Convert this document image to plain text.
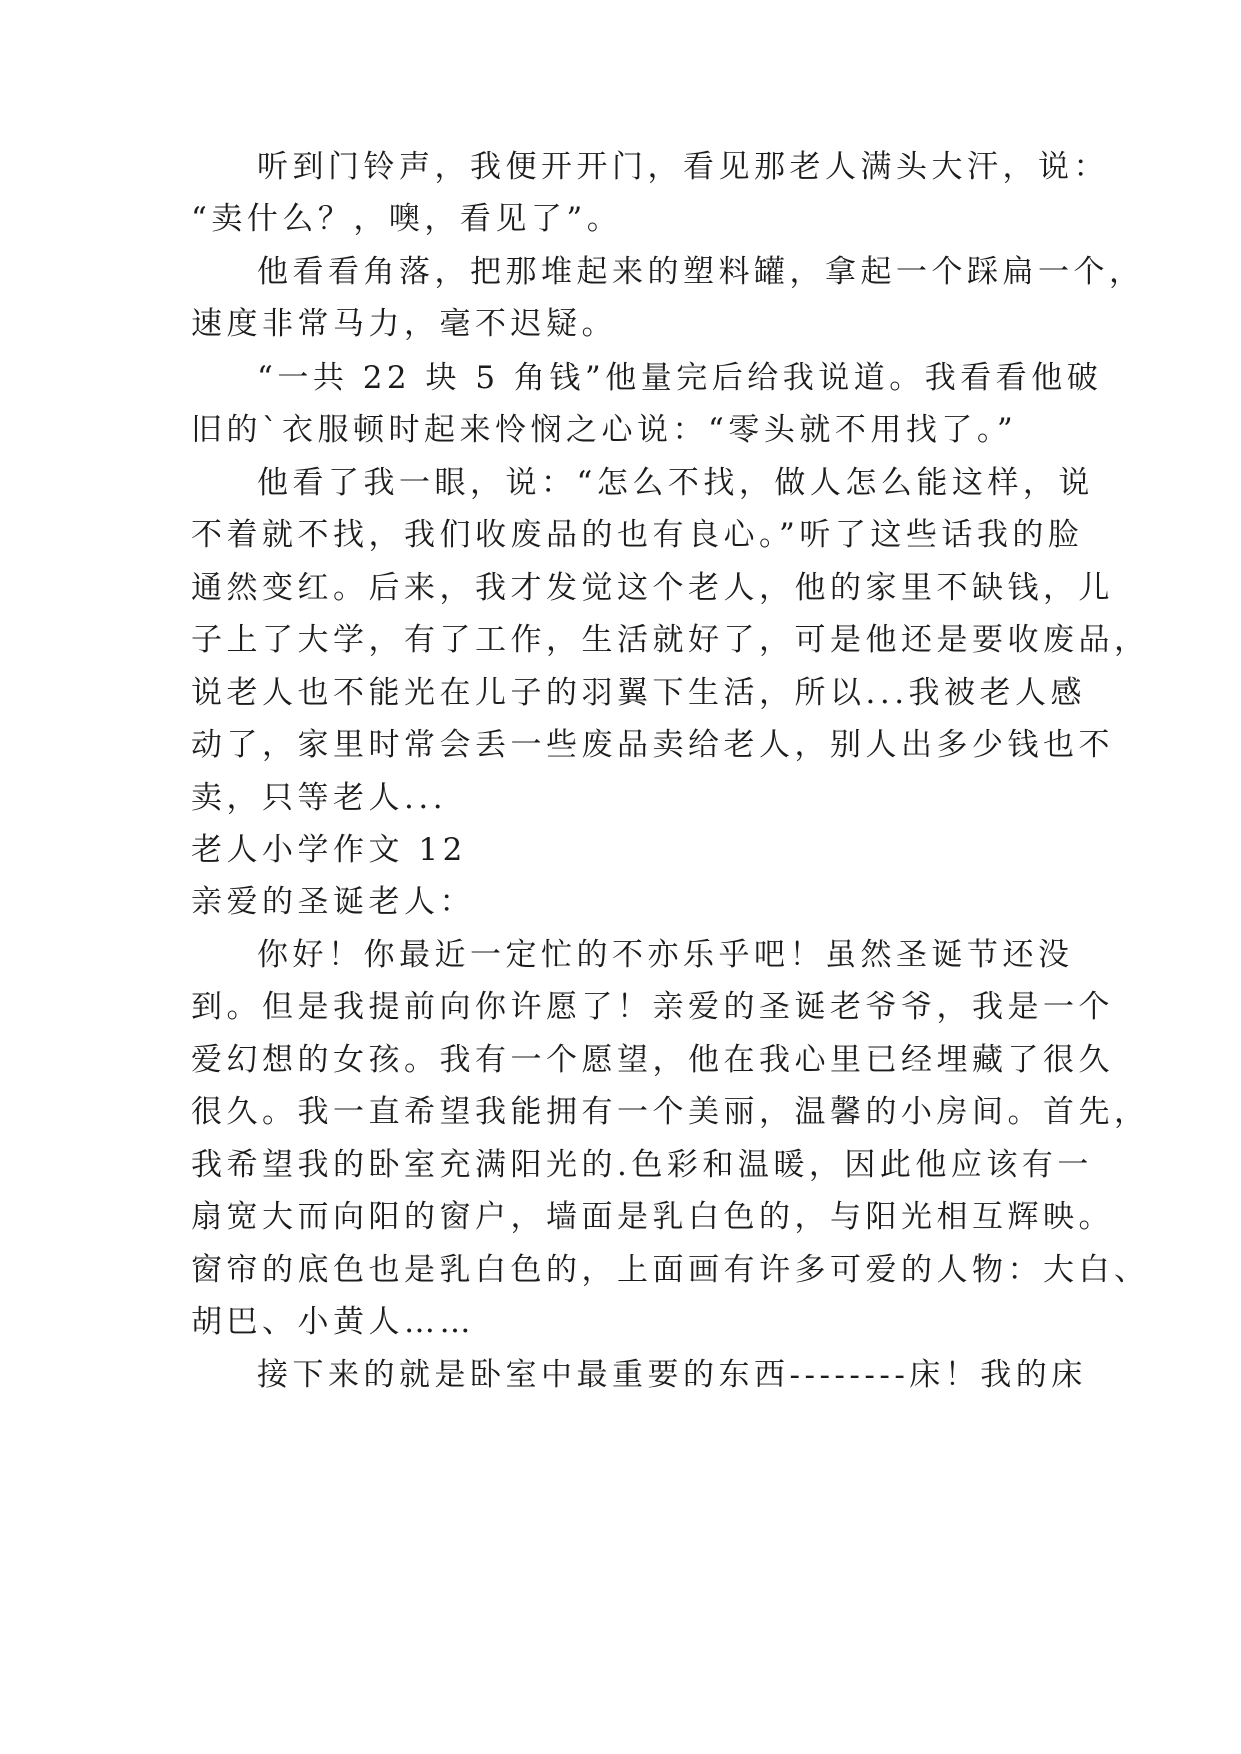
听到门铃声，我便开开门，看见那老人满头大汗，说：
“卖什么？，噢，看见了”。
他看看角落，把那堆起来的塑料罐，拿起一个踩扁一个，
速度非常马力，毫不迟疑。
“一共 22 块 5 角钱”他量完后给我说道。我看看他破
旧的`衣服顿时起来怜悯之心说：“零头就不用找了。”
他看了我一眼，说：“怎么不找，做人怎么能这样，说
不着就不找，我们收废品的也有良心。”听了这些话我的脸
通然变红。后来，我才发觉这个老人，他的家里不缺钱，儿
子上了大学，有了工作，生活就好了，可是他还是要收废品，
说老人也不能光在儿子的羽翼下生活，所以...我被老人感
动了，家里时常会丢一些废品卖给老人，别人出多少钱也不
卖，只等老人...
老人小学作文 12
亲爱的圣诞老人：
你好！你最近一定忙的不亦乐乎吧！虽然圣诞节还没
到。但是我提前向你许愿了！亲爱的圣诞老爷爷，我是一个
爱幻想的女孩。我有一个愿望，他在我心里已经埋藏了很久
很久。我一直希望我能拥有一个美丽，温馨的小房间。首先，
我希望我的卧室充满阳光的.色彩和温暖，因此他应该有一
扇宽大而向阳的窗户，墙面是乳白色的，与阳光相互辉映。
窗帘的底色也是乳白色的，上面画有许多可爱的人物：大白、
胡巴、小黄人……
接下来的就是卧室中最重要的东西--------床！我的床
